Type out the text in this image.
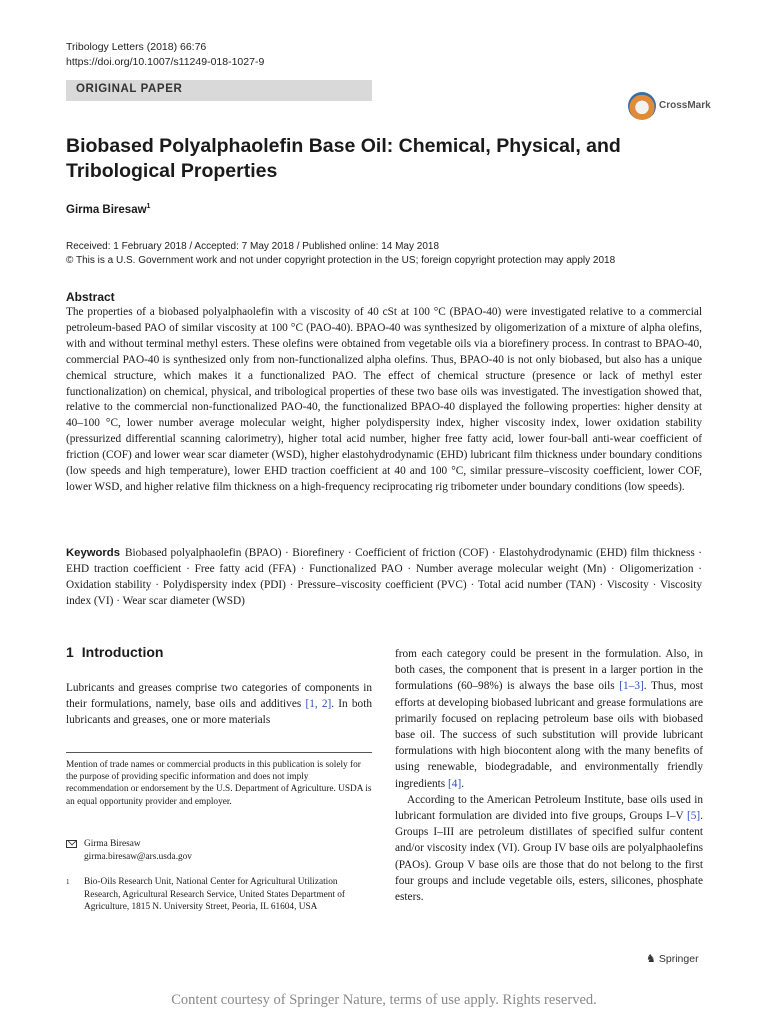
Tribology Letters (2018) 66:76
https://doi.org/10.1007/s11249-018-1027-9
ORIGINAL PAPER
CrossMark
Biobased Polyalphaolefin Base Oil: Chemical, Physical, and Tribological Properties
Girma Biresaw$^1$
Received: 1 February 2018 / Accepted: 7 May 2018 / Published online: 14 May 2018
© This is a U.S. Government work and not under copyright protection in the US; foreign copyright protection may apply 2018
Abstract
The properties of a biobased polyalphaolefin with a viscosity of 40 cSt at 100 °C (BPAO-40) were investigated relative to a commercial petroleum-based PAO of similar viscosity at 100 °C (PAO-40). BPAO-40 was synthesized by oligomerization of a mixture of alpha olefins, with and without terminal methyl esters. These olefins were obtained from vegetable oils via a biorefinery process. In contrast to BPAO-40, commercial PAO-40 is synthesized only from non-functionalized alpha olefins. Thus, BPAO-40 is not only biobased, but also has a unique chemical structure, which makes it a functionalized PAO. The effect of chemical structure (presence or lack of methyl ester functionalization) on chemical, physical, and tribological properties of these two base oils was investigated. The investigation showed that, relative to the commercial non-functionalized PAO-40, the functionalized BPAO-40 displayed the following properties: higher density at 40–100 °C, lower number average molecular weight, higher polydispersity index, higher viscosity index, lower oxidation stability (pressurized differential scanning calorimetry), higher total acid number, higher free fatty acid, lower four-ball anti-wear coefficient of friction (COF) and lower wear scar diameter (WSD), higher elastohydrodynamic (EHD) lubricant film thickness under boundary conditions (low speeds and high temperature), lower EHD traction coefficient at 40 and 100 °C, similar pressure–viscosity coefficient, lower COF, lower WSD, and higher relative film thickness on a high-frequency reciprocating rig tribometer under boundary conditions (low speeds).
Keywords Biobased polyalphaolefin (BPAO) · Biorefinery · Coefficient of friction (COF) · Elastohydrodynamic (EHD) film thickness · EHD traction coefficient · Free fatty acid (FFA) · Functionalized PAO · Number average molecular weight (Mn) · Oligomerization · Oxidation stability · Polydispersity index (PDI) · Pressure–viscosity coefficient (PVC) · Total acid number (TAN) · Viscosity · Viscosity index (VI) · Wear scar diameter (WSD)
1 Introduction

Lubricants and greases comprise two categories of components in their formulations, namely, base oils and additives [1, 2]. In both lubricants and greases, one or more materials

Mention of trade names or commercial products in this publication is solely for the purpose of providing specific information and does not imply recommendation or endorsement by the U.S. Department of Agriculture. USDA is an equal opportunity provider and employer.
Girma Biresaw
girma.biresaw@ars.usda.gov
1 Bio-Oils Research Unit, National Center for Agricultural Utilization Research, Agricultural Research Service, United States Department of Agriculture, 1815 N. University Street, Peoria, IL 61604, USA

from each category could be present in the formulation. Also, in both cases, the component that is present in a larger portion in the formulations (60–98%) is always the base oils [1–3]. Thus, most efforts at developing biobased lubricant and grease formulations are primarily focused on replacing petroleum base oils with biobased base oil. The success of such substitution will provide lubricant formulations with high biocontent along with the many benefits of using renewable, biodegradable, and environmentally friendly ingredients [4].

According to the American Petroleum Institute, base oils used in lubricant formulation are divided into five groups, Groups I–V [5]. Groups I–III are petroleum distillates of specified sulfur content and/or viscosity index (VI). Group IV base oils are polyalphaolefins (PAOs). Group V base oils are those that do not belong to the first four groups and include vegetable oils, esters, silicones, phosphate esters.

♞ Springer
Content courtesy of Springer Nature, terms of use apply. Rights reserved.
